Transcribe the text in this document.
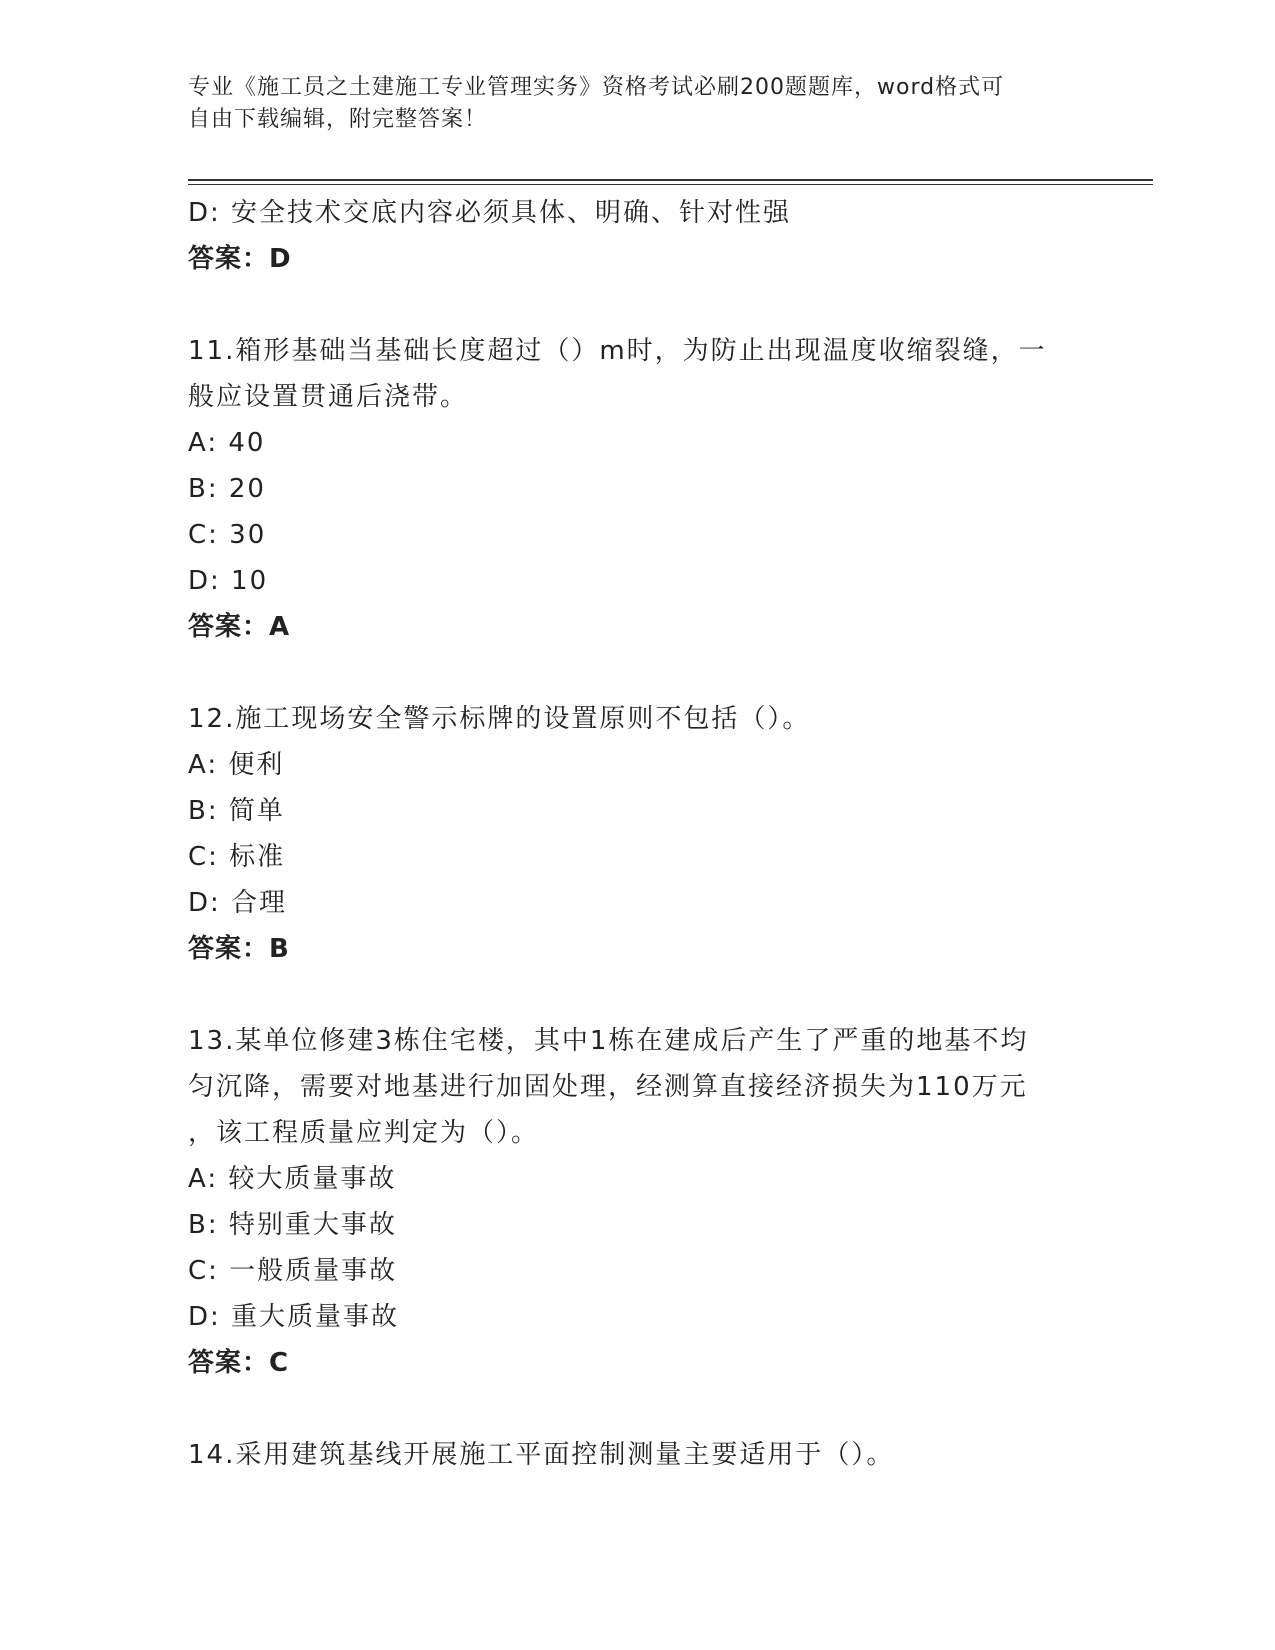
专业《施工员之土建施工专业管理实务》资格考试必刷200题题库，word格式可
自由下载编辑，附完整答案！
D: 安全技术交底内容必须具体、明确、针对性强
答案：D
11.箱形基础当基础长度超过（）m时，为防止出现温度收缩裂缝，一
般应设置贯通后浇带。
A: 40
B: 20
C: 30
D: 10
答案：A
12.施工现场安全警示标牌的设置原则不包括（）。
A: 便利
B: 简单
C: 标准
D: 合理
答案：B
13.某单位修建3栋住宅楼，其中1栋在建成后产生了严重的地基不均
匀沉降，需要对地基进行加固处理，经测算直接经济损失为110万元
，该工程质量应判定为（）。
A: 较大质量事故
B: 特别重大事故
C: 一般质量事故
D: 重大质量事故
答案：C
14.采用建筑基线开展施工平面控制测量主要适用于（）。
